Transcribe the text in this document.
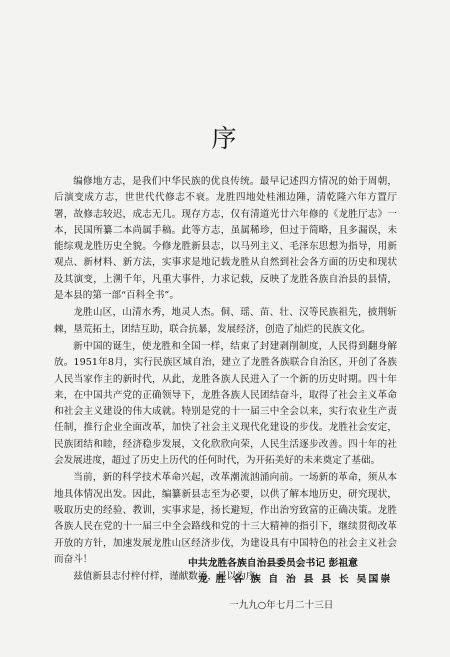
序

编修地方志，是我们中华民族的优良传统。最早记述四方情况的始于周朝，后演变成方志，世世代代修志不衰。龙胜四地处桂湘边陲，清乾隆六年方置厅署，故修志较迟，成志无几。现存方志，仅有清道光廿六年修的《龙胜厅志》一本，民国所纂二本尚属手稿。此等方志，虽属稀珍，但过于简略，且多漏误，未能综观龙胜历史全貌。今修龙胜新县志，以马列主义、毛泽东思想为指导，用新观点、新材料、新方法，实事求是地记载龙胜从自然到社会各方面的历史和现状及其演变，上溯千年，凡重大事件，力求记载，反映了龙胜各族自治县的县情，是本县的第一部“百科全书”。

龙胜山区，山清水秀，地灵人杰。侗、瑶、苗、壮、汉等民族祖先，披荆斩棘，垦荒拓土，团结互助，联合抗暴，发展经济，创造了灿烂的民族文化。

新中国的诞生，使龙胜和全国一样，结束了封建剥削制度，人民得到翻身解放。1951年8月，实行民族区域自治，建立了龙胜各族联合自治区，开创了各族人民当家作主的新时代，从此，龙胜各族人民进入了一个新的历史时期。四十年来，在中国共产党的正确领导下，龙胜各族人民团结奋斗，取得了社会主义革命和社会主义建设的伟大成就。特别是党的十一届三中全会以来，实行农业生产责任制，推行企业全面改革，加快了社会主义现代化建设的步伐。龙胜社会安定，民族团结和睦，经济稳步发展，文化欣欣向荣，人民生活逐步改善。四十年的社会发展进度，超过了历史上历代的任何时代，为开拓美好的未来奠定了基础。

当前，新的科学技术革命兴起，改革潮流汹涌向前。一场新的革命，须从本地具体情况出发。因此，编纂新县志至为必要，以供了解本地历史，研究现状，吸取历史的经验、教训，实事求是，扬长避短，作出治穷致富的正确决策。龙胜各族人民在党的十一届三中全会路线和党的十三大精神的指引下，继续贯彻改革开放的方针，加速发展龙胜山区经济步伐，为建设具有中国特色的社会主义社会而奋斗！

兹值新县志付梓付样，谨献数语，是以为序。

中共龙胜各族自治县委员会书记 彭祖意
龙 胜 各 族 自 治 县 县 长 吴国崇
一九九○年七月二十三日
